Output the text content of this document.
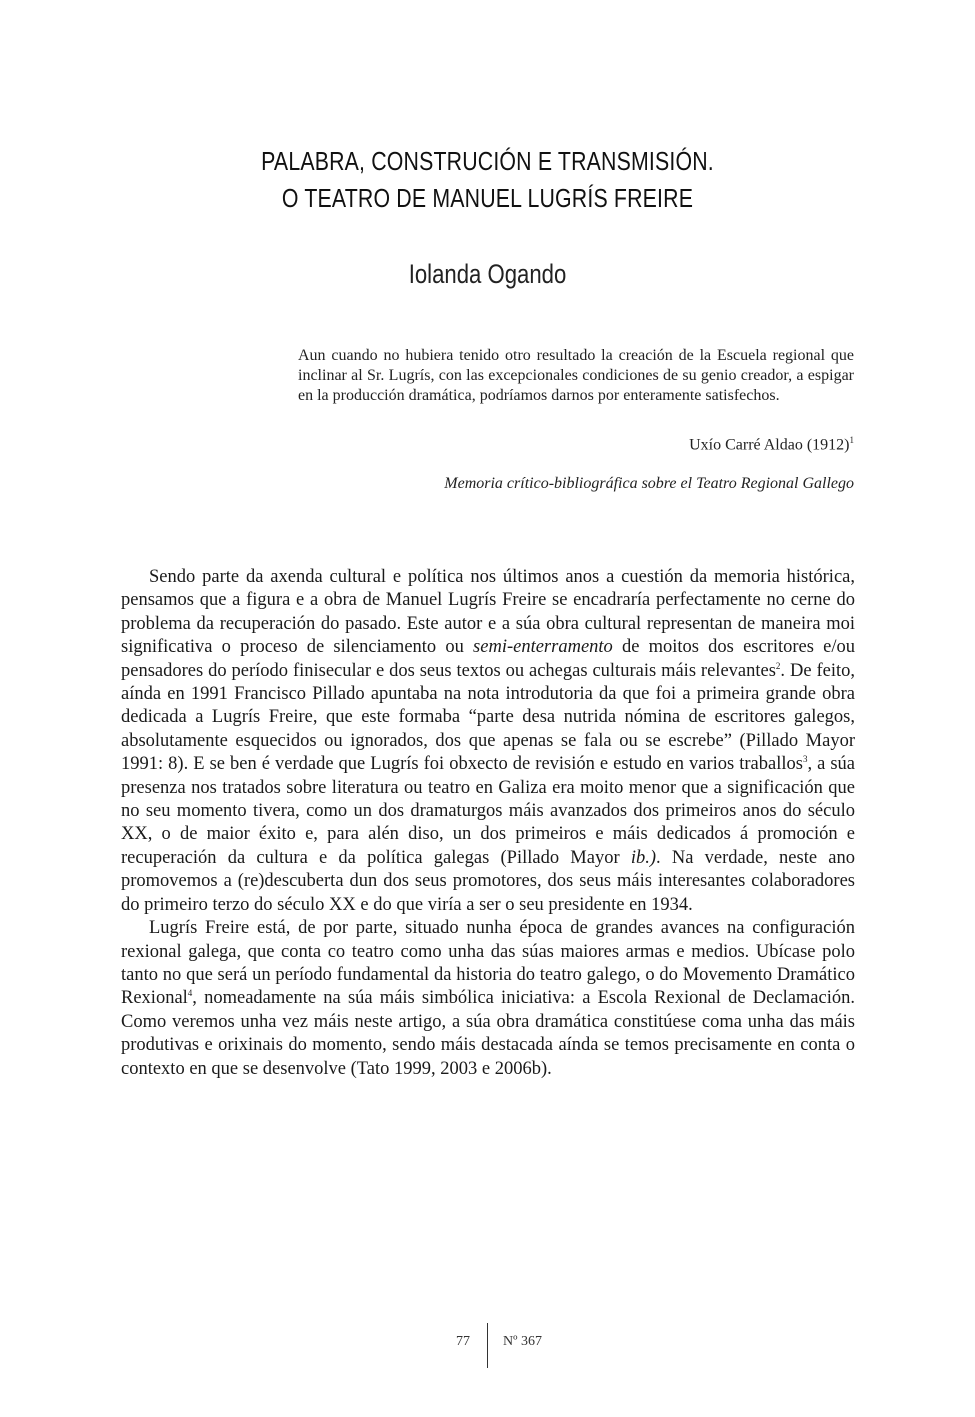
PALABRA, CONSTRUCIÓN E TRANSMISIÓN.
O TEATRO DE MANUEL LUGRÍS FREIRE
Iolanda Ogando
Aun cuando no hubiera tenido otro resultado la creación de la Escuela regional que inclinar al Sr. Lugrís, con las excepcionales condiciones de su genio creador, a espigar en la producción dramática, podríamos darnos por enteramente satisfechos.
Uxío Carré Aldao $(1912)^1$
Memoria crítico-bibliográfica sobre el Teatro Regional Gallego

Sendo parte da axenda cultural e política nos últimos anos a cuestión da memoria histórica, pensamos que a figura e a obra de Manuel Lugrís Freire se encadraría perfectamente no cerne do problema da recuperación do pasado. Este autor e a súa obra cultural representan de maneira moi significativa o proceso de silenciamento ou semi-enterramento de moitos dos escritores e/ou pensadores do período finisecular e dos seus textos ou achegas culturais máis relevantes$^2$. De feito, aínda en 1991 Francisco Pillado apuntaba na nota introdutoria da que foi a primeira grande obra dedicada a Lugrís Freire, que este formaba “parte desa nutrida nómina de escritores galegos, absolutamente esquecidos ou ignorados, dos que apenas se fala ou se escrebe” (Pillado Mayor 1991: 8). E se ben é verdade que Lugrís foi obxecto de revisión e estudo en varios traballos$^3$, a súa presenza nos tratados sobre literatura ou teatro en Galiza era moito menor que a significación que no seu momento tivera, como un dos dramaturgos máis avanzados dos primeiros anos do século XX, o de maior éxito e, para alén diso, un dos primeiros e máis dedicados á promoción e recuperación da cultura e da política galegas (Pillado Mayor ib.). Na verdade, neste ano promovemos a (re)descuberta dun dos seus promotores, dos seus máis interesantes colaboradores do primeiro terzo do século XX e do que viría a ser o seu presidente en 1934.

Lugrís Freire está, de por parte, situado nunha época de grandes avances na configuración rexional galega, que conta co teatro como unha das súas maiores armas e medios. Ubícase polo tanto no que será un período fundamental da historia do teatro galego, o do Movemento Dramático Rexional$^4$, nomeadamente na súa máis simbólica iniciativa: a Escola Rexional de Declamación. Como veremos unha vez máis neste artigo, a súa obra dramática constitúese coma unha das máis produtivas e orixinais do momento, sendo máis destacada aínda se temos precisamente en conta o contexto en que se desenvolve (Tato 1999, 2003 e 2006b).

77 Nº 367
